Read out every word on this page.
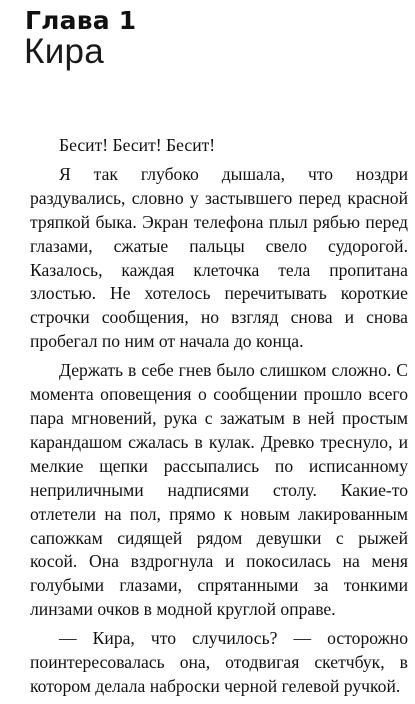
Глава 1
Кира

Бесит! Бесит! Бесит!

Я так глубоко дышала, что ноздри раздувались, словно у застывшего перед красной тряпкой быка. Экран телефона плыл рябью перед глазами, сжатые пальцы свело судорогой. Казалось, каждая клеточка тела пропитана злостью. Не хотелось перечитывать короткие строчки сообщения, но взгляд снова и снова пробегал по ним от начала до конца.

Держать в себе гнев было слишком сложно. С момента оповещения о сообщении прошло всего пара мгновений, рука с зажатым в ней простым карандашом сжалась в кулак. Древко треснуло, и мелкие щепки рассыпались по исписанному неприличными надписями столу. Какие-то отлетели на пол, прямо к новым лакированным сапожкам сидящей рядом девушки с рыжей косой. Она вздрогнула и покосилась на меня голубыми глазами, спрятанными за тонкими линзами очков в модной круглой оправе.

— Кира, что случилось? — осторожно поинтересовалась она, отодвигая скетчбук, в котором делала наброски черной гелевой ручкой.
